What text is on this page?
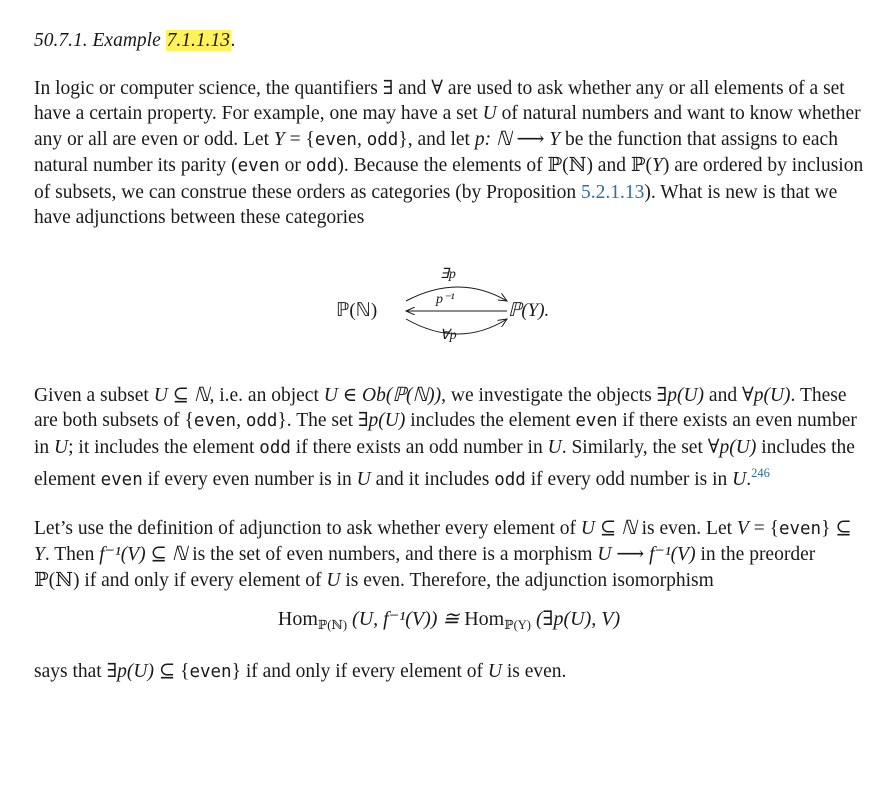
50.7.1. Example 7.1.1.13.

In logic or computer science, the quantifiers ∃ and ∀ are used to ask whether any or all elements of a set have a certain property. For example, one may have a set U of natural numbers and want to know whether any or all are even or odd. Let Y = {even, odd}, and let p: ℕ ⟶ Y be the function that assigns to each natural number its parity (even or odd). Because the elements of ℙ(ℕ) and ℙ(Y) are ordered by inclusion of subsets, we can construe these orders as categories (by Proposition 5.2.1.13). What is new is that we have adjunctions between these categories

ℙ(ℕ)	ℙ(Y).
∃p
p⁻¹
∀p

Given a subset U ⊆ ℕ, i.e. an object U ∈ Ob(ℙ(ℕ)), we investigate the objects ∃p(U) and ∀p(U). These are both subsets of {even, odd}. The set ∃p(U) includes the element even if there exists an even number in U; it includes the element odd if there exists an odd number in U. Similarly, the set ∀p(U) includes the element even if every even number is in U and it includes odd if every odd number is in U.$^{246}$

Let’s use the definition of adjunction to ask whether every element of U ⊆ ℕ is even. Let V = {even} ⊆ Y. Then f⁻¹(V) ⊆ ℕ is the set of even numbers, and there is a morphism U ⟶ f⁻¹(V) in the preorder ℙ(ℕ) if and only if every element of U is even. Therefore, the adjunction isomorphism

Hom$_{ℙ(ℕ)}$ (U, f⁻¹(V)) ≅ Hom$_{ℙ(Y)}$ (∃p(U), V)

says that ∃p(U) ⊆ {even} if and only if every element of U is even.
